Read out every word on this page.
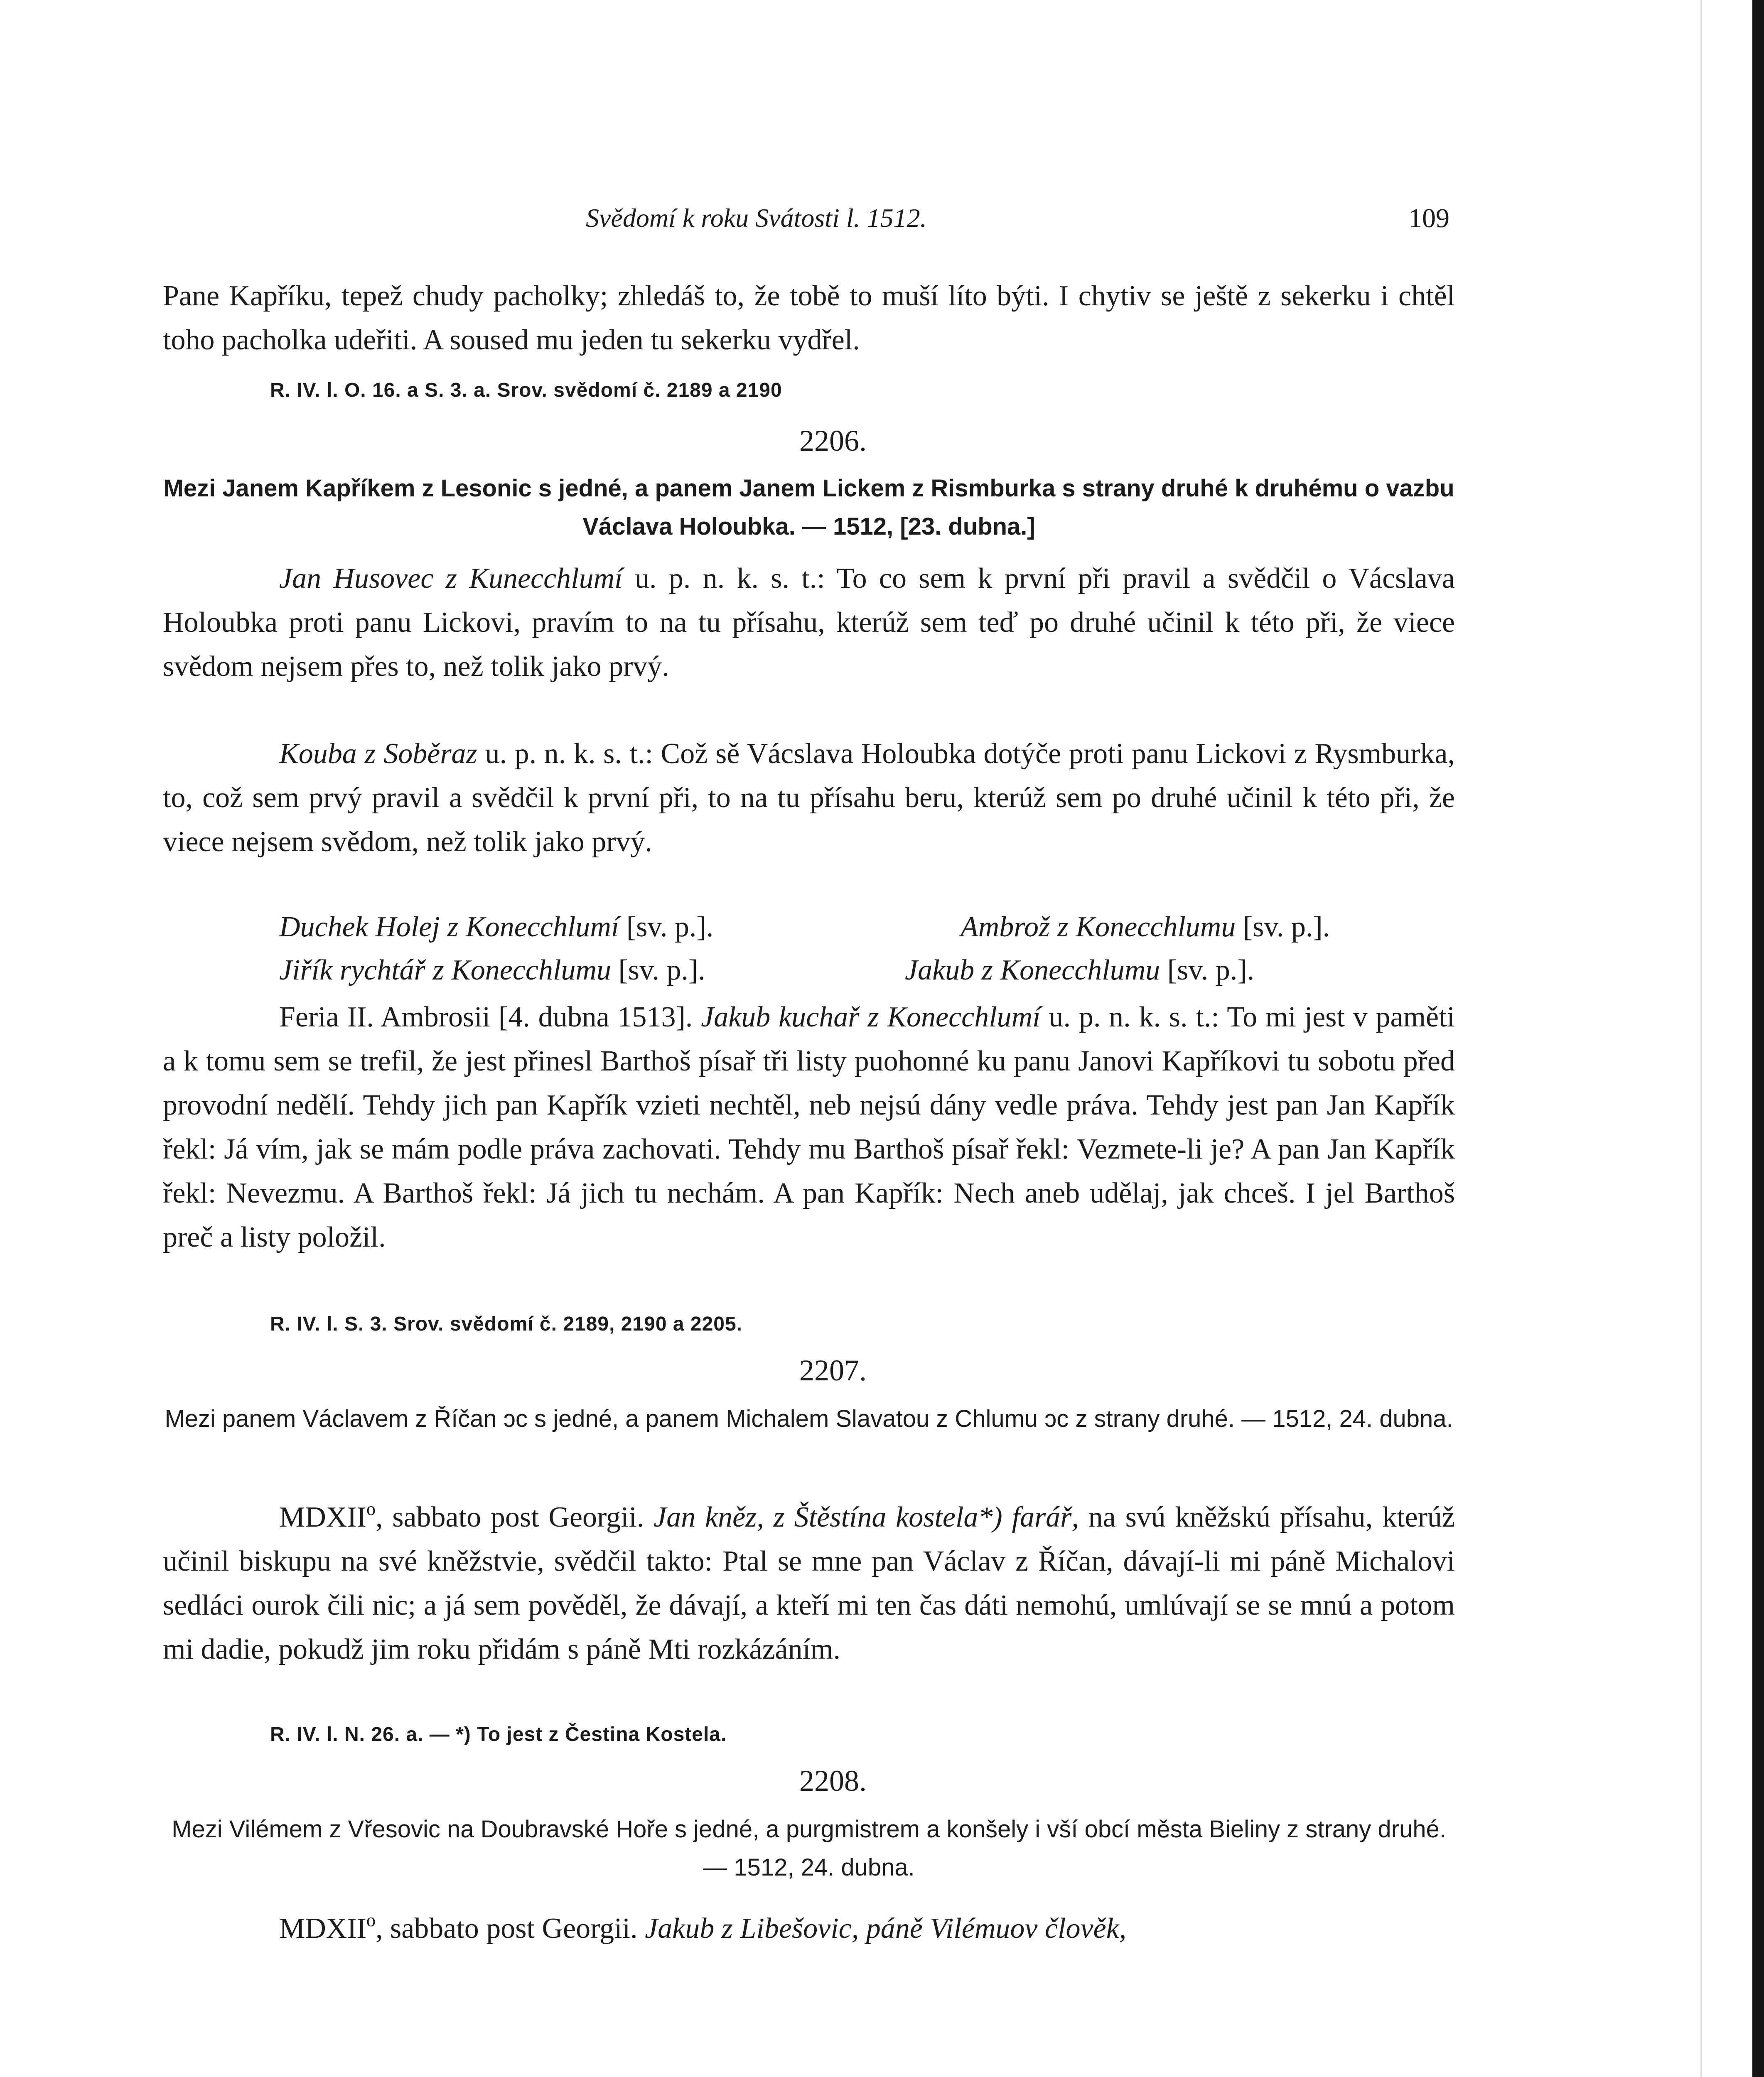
Svědomí k roku Svátosti l. 1512.	109
Pane Kapříku, tepež chudy pacholky; zhledáš to, že tobě to muší líto býti. I chytiv se ještě z sekerku i chtěl toho pacholka udeřiti. A soused mu jeden tu sekerku vydřel.
R. IV. l. O. 16. a S. 3. a. Srov. svědomí č. 2189 a 2190
2206.
Mezi Janem Kapříkem z Lesonic s jedné, a panem Janem Lickem z Rismburka s strany druhé k druhému o vazbu Václava Holoubka. — 1512, [23. dubna.]
Jan Husovec z Kunecchlumí u. p. n. k. s. t.: To co sem k první při pravil a svědčil o Vácslava Holoubka proti panu Lickovi, pravím to na tu přísahu, kterúž sem teď po druhé učinil k této při, že viece svědom nejsem přes to, než tolik jako prvý.
Kouba z Soběraz u. p. n. k. s. t.: Což sě Vácslava Holoubka dotýče proti panu Lickovi z Rysmburka, to, což sem prvý pravil a svědčil k první při, to na tu přísahu beru, kterúž sem po druhé učinil k této při, že viece nejsem svědom, než tolik jako prvý.
Duchek Holej z Konecchlumí [sv. p.].	Ambrož z Konecchlumu [sv. p.].
Jiřík rychtář z Konecchlumu [sv. p.].	Jakub z Konecchlumu [sv. p.].
Feria II. Ambrosii [4. dubna 1513]. Jakub kuchař z Konecchlumí u. p. n. k. s. t.: To mi jest v paměti a k tomu sem se trefil, že jest přinesl Barthoš písař tři listy puohonné ku panu Janovi Kapříkovi tu sobotu před provodní nedělí. Tehdy jich pan Kapřík vzieti nechtěl, neb nejsú dány vedle práva. Tehdy jest pan Jan Kapřík řekl: Já vím, jak se mám podle práva zachovati. Tehdy mu Barthoš písař řekl: Vezmete-li je? A pan Jan Kapřík řekl: Nevezmu. A Barthoš řekl: Já jich tu nechám. A pan Kapřík: Nech aneb udělaj, jak chceš. I jel Barthoš preč a listy položil.
R. IV. l. S. 3. Srov. svědomí č. 2189, 2190 a 2205.
2207.
Mezi panem Václavem z Říčan ɔc s jedné, a panem Michalem Slavatou z Chlumu ɔc z strany druhé. — 1512, 24. dubna.
MDXII$^o$, sabbato post Georgii. Jan kněz, z Štěstína kostela*) farář, na svú kněžskú přísahu, kterúž učinil biskupu na své kněžstvie, svědčil takto: Ptal se mne pan Václav z Říčan, dávají-li mi páně Michalovi sedláci ourok čili nic; a já sem pověděl, že dávají, a kteří mi ten čas dáti nemohú, umlúvají se se mnú a potom mi dadie, pokudž jim roku přidám s páně Mti rozkázáním.
R. IV. l. N. 26. a. — *) To jest z Čestina Kostela.
2208.
Mezi Vilémem z Vřesovic na Doubravské Hoře s jedné, a purgmistrem a konšely i vší obcí města Bieliny z strany druhé. — 1512, 24. dubna.
MDXII$^o$, sabbato post Georgii. Jakub z Libešovic, páně Vilémuov člověk,
